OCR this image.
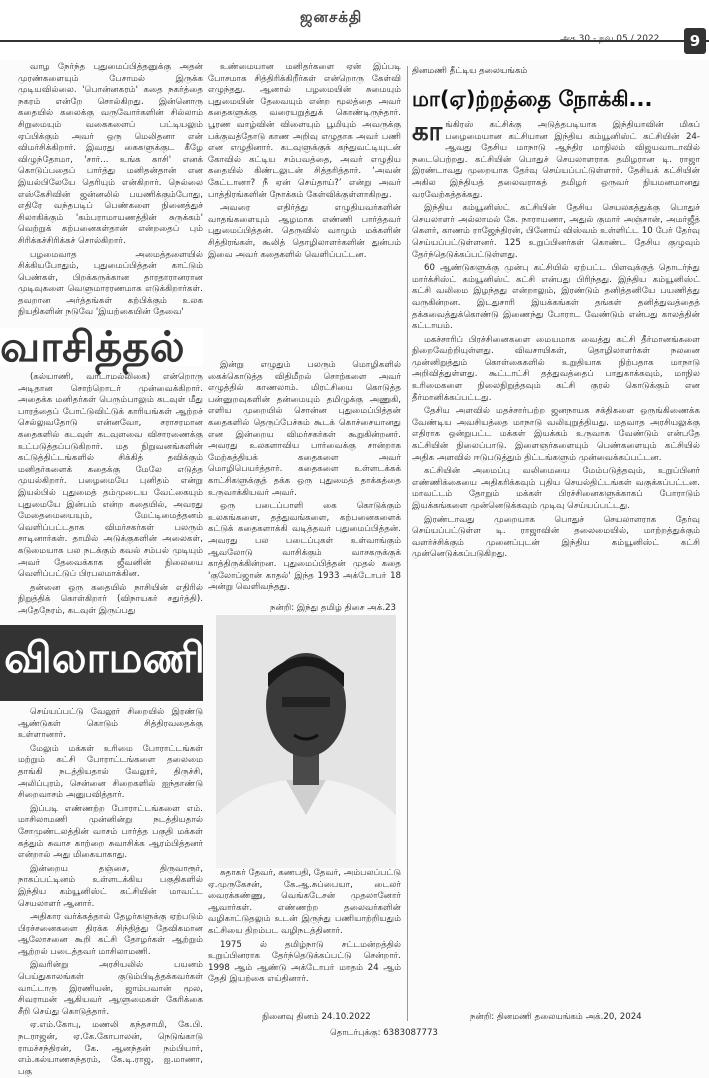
ஜனசக்தி
அக.30 - நவ.05 / 2022	9

வாழ நேர்ந்த புதுமைப்பித்தனுக்கு அதன் முரண்களையும் பேசாமல் இருக்க முடியவில்லை. 'பொன்னகரம்' கதை நகர்த்தை நகரம் என்றே சொல்கிறது. இன்னொரு கதையில் கலைக்கு வருவோர்களின் சில்லாம் சிறுமையும் வகைகளைப் பட்டியலும் ஏப்பிக்கும் அவர் ஒரு மெலிதனா என் விமர்சிக்கிறார். இவரது கைகளுக்குட கீழே விழுந்தோமா, 'சார்... உங்க காசி' எனக் கொடுப்பதைப் பார்த்து மனிதன்தான் என இயல்பிலேயே தெரியும் என்கிறார். நெல்லை எஸ்கேசிவின் ஜன்னலில் பயணிக்கும்போது, எதிரே வந்தபடிப் பெண்களை நினைத்துச் சிலாகிக்கும் 'கம்பராமாயணத்தின் சுருக்கம்' வெற்றுக் கற்பனைகள்தான் என்றதைப் பும் சிரிக்கச்சிரிக்கச் சொல்கிறார்.

பழமைவாத அமைத்தளையில் சிக்கியபோதும், புதுமைப்பித்தன் காட்டும் பெண்கள், பிறக்கருக்கான தாரதாரானரான முடிவுகளை வெளுமாரரணமாக எடுக்கிறார்கள். தவறான அர்த்தங்கள் கற்பிக்கும் உலக நியதிகளின் நடுவே 'இயற்கையின் தேவை'

வாசித்தல்

(கல்யாணி, வாடாமல்லிகை) என்றொரு அடிதான சொற்றொடர் முன்வைக்கிறார். அதைக்க மனிதர்கள் பெரும்பாலும் கடவுள் மீது பாரத்தைப் போட்டுவிட்டுக் காரியங்கள் ஆற்றச் செல்லுவதோடு என்னவோ, சராசரமான கதைகளில் கடவுள் கடவுளவை விசாரணைக்கு உட்படுத்தப்படுகிறார். மத நிறுவனங்களின் கட்டுத்திட்டங்களில் சிக்கித் தவிக்கும் மனிதர்களைக் கதைக்கு மேலே எடுத்த முயல்கிறார். பழைமையே புனிதம் என்று இயல்பில் புதுமைத் தம்முடைய வேட்கையும் புதுமையே இன்பம் என்ற கதையில், அவரது மேதைமையையும், மேட்டிமைத்தனம் வெளிப்பட்டதாக விமர்சகர்கள் பலரும் சாடினார்கள். தாமில் அடுக்குகளின் அலைகள், கடுமையாக பல நடக்கும் கவல் சம்பல் முடியும் அவர் தேவைக்காக ஜீவனின் நிலையை வெளிப்பட்டுப் பிரபலமாக்கின.

தன்னை ஒரு கதையில் நாசியின் எதிரில் நிறுத்திக் கொள்கிறார் (விநாயகர் சதுர்த்தி). அதேநேரம், கடவுள் இருப்பது

விலாமணி

செய்யப்பட்டு வேலூர் சிறையில் இரண்டு ஆண்டுகள் கொடும் சித்திரவதைக்கு உள்ளானார்.

மேலும் மக்கள் உரிமை போராட்டங்கள் மற்றும் கட்சி போராட்டங்களை தலைமை தாங்கி நடத்தியதால் வேலூர், திருச்சி, அலிப்புரம், சென்னை சிறைகளில் ஐந்தாண்டு சிறைவாசம் அனுபவித்தார்.

இப்படி எண்ணற்ற போராட்டங்களை எம். மாசிலாமணி முன்னின்று நடத்தியதால் சோமுண்டலத்தின் வாசம் பார்த்த பகுதி மக்கள் கத்தும் சுவாச காற்றை சுவாசிக்க ஆரம்பித்தனர் என்றால் அது மிகையாகாது.

இன்றைய தஞ்சை, திருவாரூர், நாகப்பட்டினம் உள்ளடக்கிய பகுதிகளில் இந்திய கம்யூனிஸ்ட் கட்சியின் மாவட்ட செயலாளர் ஆனார்.

அதிகார வர்க்கத்தால் தேழர்களுக்கு ஏற்படும் பிரச்சனைகளை திரக்க சிந்தித்து தேவிகமான ஆலோசனை கூறி கட்சி தோழர்கள் ஆற்றும் ஆற்றல் படைத்தவர் மாசிலாமணி.

இவரின்று அரசியலில் பயனம் பெய்துகாலங்கள் குடும்பிடித்தக்கவர்கள் வாட்டாரு இரணியன், ஜாம்பவான் மூல, சிவராமன் ஆகியவர் ஆளுமைகள் கேரிக்கை சீறி செய்து கொடுத்தார்.

ஏ.எம்.கோபு, மணலி கந்தசாமி, கே.பி. நடராஜன், ஏ.கே.கோபாலன், நெடுங்காடு ராமச்சந்திரன், கே. ஆனந்தன் நம்பியார், எம்.கல்யாணசுந்தரம், கே.டி.ராஜ, ஐ.மாணா, பகு

உண்மையான மனிதர்களை ஏன் இப்படி போசமாக சித்திரிக்கிறீர்கள் என்றொரு கேள்வி எழுந்தது. ஆனால் பழமையின் சுமையும் புதுமையின் தேவையும் என்ற மூலத்தை அவர் கதைகளுக்கு வரையறுத்துக் கொண்டிருந்தார். பூரண வாழ்வின் விளையும் பூமியும் அவருக்கு பக்குவத்தோடு காண அறிவு எழுதாக அவர் பணி என எழுதினார். கடவுளுக்குக் கந்துவட்டியுடன் கோவில் கட்டிய சம்பவத்தை, அவர் எழுதிய கதையில் கிண்டலுடன் சித்தரித்தார். ‘அவன் கேட்டானா? நீ ஏன் செய்தாய்?’ என்று அவர் பாத்திரங்களின் நோக்கம் கேள்விக்குள்ளாகிறது.

அவரை எதிர்த்து எழுதியவர்களின் வாதங்களையும் ஆழமாக எண்ணி பார்த்தவர் புதுமைப்பித்தன். தெருவில் வாழும் மக்களின் சித்திரங்கள், கூலித் தொழிலாளர்களின் துன்பம் இவை அவர் கதைகளில் வெளிப்பட்டன.

இன்று எழுதும் பலரும் மொழிகளில் கைக்கொடுத்த விதிமீறல் சொற்களை அவர் எழுத்தில் காணலாம். மிரட்சியை கொடுத்த பன்னுறவுகளின் தன்மையும் தமிழுக்கு அணுகி, எளிய முறையில் சொன்ன புதுமைப்பித்தன் கதைகளில் தெருப்பேச்சும் கூடக் கொச்சையானது என இன்றைய விமர்சகர்கள் கூறுகின்றனர். அவரது உலகளாவிய பார்வைக்கு சான்றாக மேற்கத்தியக் கதைகளை அவர் மொழிபெயர்த்தார். கதைகளை உள்ளடக்கக் காட்சிகளுக்குத் தக்க ஒரு புதுமைத் தாக்கத்தை உருவாக்கியவர் அவர்.

ஒரு படைப்பாளி கை கொடுக்கும் உலகங்களை, தத்துவங்களை, கற்பனைகளைக் கட்டுக் கதைகளாக்கி வடித்தவர் புதுமைப்பித்தன். அவரது பல படைப்புகள் உள்வாங்கும் ஆவலோடு வாசிக்கும் வாசகருக்குக் காத்திருக்கின்றன. புதுமைப்பித்தன் முதல் கதை 'குலோப்ஜான் காதல்' இந்த 1933 அக்டோபர் 18 அன்று வெளிவந்தது.

நன்றி: இந்து தமிழ் திசை அக்.23

சுதாகர் தேவர், கணபதி, தேவர், அம்பலப்பட்டு ஏ.முருகேசன், கே.ஆ.சுப்பையா, டைலர் வைரக்கண்ணு, வெங்கடேசன் முதலானோர் ஆவார்கள். எண்ணற்ற தலைவர்களின் வழிகாட்டுதலும் உடன் இருந்து பணியாற்றியதும் கட்சியை திறம்பட வழிநடத்தினார்.

1975 ல் தமிழ்நாடு சட்டமன்றத்தில் உறுப்பினராக தேர்ந்தெடுக்கப்பட்டு சென்றார். 1998 ஆம் ஆண்டு அக்டோபர் மாதம் 24 ஆம் தேதி இயற்கை எய்தினார்.

நினைவு தினம் 24.10.2022
தொடர்புக்கு: 6383087773
தினமணி தீட்டிய தலையங்கம்
மா(ஏ)ற்றத்தை நோக்கி...

காங்கிரஸ் கட்சிக்கு அடுத்தபடியாக இந்தியாவின் மிகப் பழைமையான கட்சியான இந்திய கம்யூனிஸ்ட் கட்சியின் 24-ஆவது தேசிய மாநாடு ஆந்திர மாநிலம் விஜயவாடாவில் நடைபெற்றது. கட்சியின் பொதுச் செயலாளராக தமிழரான டி. ராஜா இரண்டாவது முறையாக தேர்வு செய்யப்பட்டுள்ளார். தேசியக் கட்சியின் அகில இந்தியத் தலைவராகத் தமிழர் ஒருவர் நியமனமானது வரவேற்கத்தக்கது.

இந்திய கம்யூனிஸ்ட் கட்சியின் தேசிய செயலகத்துக்கு பொதுச் செயலாளர் அல்லாமல் கே. நாராயணா, அதுல் குமார் அஞ்சான், அமர்ஜீத் கௌர், காணம் ராஜேந்திரன், பினோய் விஸ்வம் உள்ளிட்ட 10 பேர் தேர்வு செய்யப்பட்டுள்ளனர். 125 உறுப்பினர்கள் கொண்ட தேசிய குழுவும் தேர்ந்தெடுக்கப்பட்டுள்ளது.

60 ஆண்டுகளுக்கு முன்பு கட்சியில் ஏற்பட்ட பிளவுக்குத் தொடர்ந்து மார்க்சிஸ்ட் கம்யூனிஸ்ட் கட்சி என்பது பிரிந்தது. இந்திய கம்யூனிஸ்ட் கட்சி வலிமை இழந்தது என்றாலும், இரண்டும் தனித்தனியே பயணித்து வருகின்றன. இடதுசாரி இயக்கங்கள் தங்கள் தனித்துவத்தைத் தக்கவைத்துக்கொண்டு இணைந்து போராட வேண்டும் என்பது காலத்தின் கட்டாயம்.

மகச்சாரிப் பிரச்சினைகளை மையமாக வைத்து கட்சி தீர்மானங்களை நிறைவேற்றியுள்ளது. விவசாயிகள், தொழிலாளர்கள் நலனை முன்னிறுத்தும் கொள்கைகளில் உறுதியாக நிற்பதாக மாநாடு அறிவித்துள்ளது. கூட்டாட்சி தத்துவத்தைப் பாதுகாக்கவும், மாநில உரிமைகளை நிலைநிறுத்தவும் கட்சி குரல் கொடுக்கும் என தீர்மானிக்கப்பட்டது.

தேசிய அளவில் மதச்சார்பற்ற ஜனநாயக சக்திகளை ஒருங்கிணைக்க வேண்டிய அவசியத்தை மாநாடு வலியுறுத்தியது. மதவாத அரசியலுக்கு எதிராக ஒன்றுபட்ட மக்கள் இயக்கம் உருவாக வேண்டும் என்பதே கட்சியின் நிலைப்பாடு. இளைஞர்களையும் பெண்களையும் கட்சியில் அதிக அளவில் ஈடுபடுத்தும் திட்டங்களும் முன்வைக்கப்பட்டன.

கட்சியின் அமைப்பு வலிமையை மேம்படுத்தவும், உறுப்பினர் எண்ணிக்கையை அதிகரிக்கவும் புதிய செயல்திட்டங்கள் வகுக்கப்பட்டன. மாவட்டம் தோறும் மக்கள் பிரச்சினைகளுக்காகப் போராடும் இயக்கங்களை முன்னெடுக்கவும் முடிவு செய்யப்பட்டது.

இரண்டாவது முறையாக பொதுச் செயலாளராக தேர்வு செய்யப்பட்டுள்ள டி. ராஜாவின் தலைமையில், மாற்றத்துக்கும் வளர்ச்சிக்கும் முனைப்புடன் இந்திய கம்யூனிஸ்ட் கட்சி முன்னெடுக்கப்படுகிறது.

நன்றி: தினமணி தலையங்கம் அக்.20, 2024
